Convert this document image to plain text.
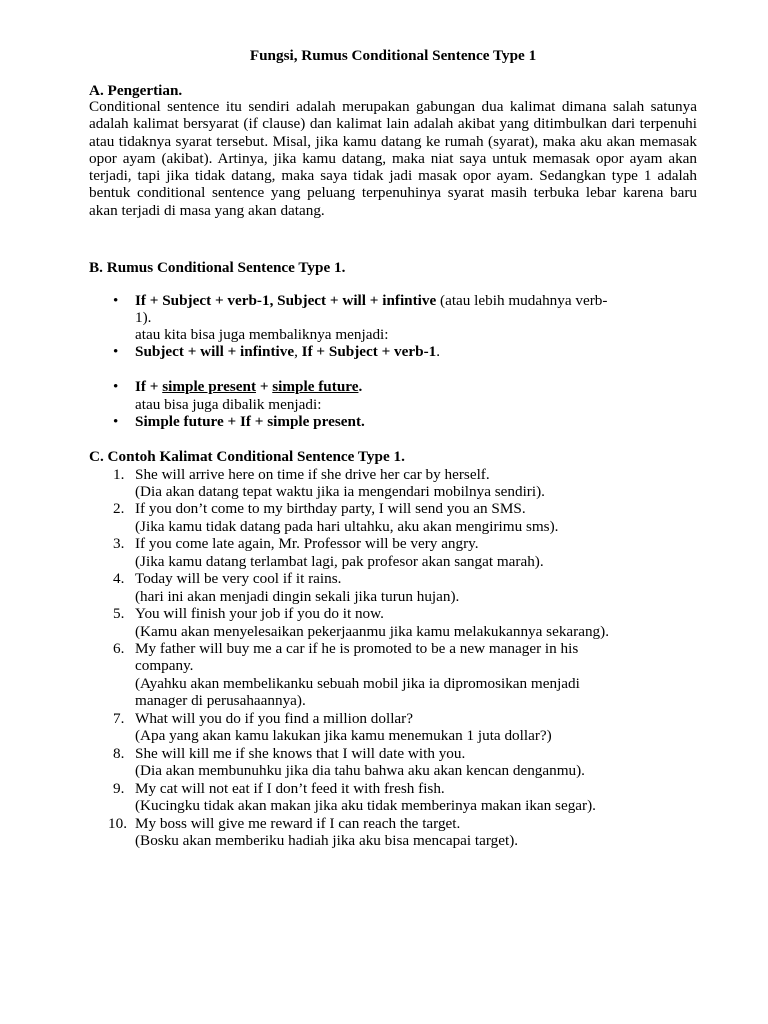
Fungsi, Rumus Conditional Sentence Type 1
A. Pengertian.
Conditional sentence itu sendiri adalah merupakan gabungan dua kalimat dimana salah satunya adalah kalimat bersyarat (if clause) dan kalimat lain adalah akibat yang ditimbulkan dari terpenuhi atau tidaknya syarat tersebut. Misal, jika kamu datang ke rumah (syarat), maka aku akan memasak opor ayam (akibat). Artinya, jika kamu datang, maka niat saya untuk memasak opor ayam akan terjadi, tapi jika tidak datang, maka saya tidak jadi masak opor ayam. Sedangkan type 1 adalah bentuk conditional sentence yang peluang terpenuhinya syarat masih terbuka lebar karena baru akan terjadi di masa yang akan datang.
B. Rumus Conditional Sentence Type 1.
• If + Subject + verb-1, Subject + will + infintive (atau lebih mudahnya verb-
1).
atau kita bisa juga membaliknya menjadi:
• Subject + will + infintive, If + Subject + verb-1.
• If + simple present + simple future.
atau bisa juga dibalik menjadi:
• Simple future + If + simple present.
C. Contoh Kalimat Conditional Sentence Type 1.
1. She will arrive here on time if she drive her car by herself.
(Dia akan datang tepat waktu jika ia mengendari mobilnya sendiri).
2. If you don’t come to my birthday party, I will send you an SMS.
(Jika kamu tidak datang pada hari ultahku, aku akan mengirimu sms).
3. If you come late again, Mr. Professor will be very angry.
(Jika kamu datang terlambat lagi, pak profesor akan sangat marah).
4. Today will be very cool if it rains.
(hari ini akan menjadi dingin sekali jika turun hujan).
5. You will finish your job if you do it now.
(Kamu akan menyelesaikan pekerjaanmu jika kamu melakukannya sekarang).
6. My father will buy me a car if he is promoted to be a new manager in his
company.
(Ayahku akan membelikanku sebuah mobil jika ia dipromosikan menjadi
manager di perusahaannya).
7. What will you do if you find a million dollar?
(Apa yang akan kamu lakukan jika kamu menemukan 1 juta dollar?)
8. She will kill me if she knows that I will date with you.
(Dia akan membunuhku jika dia tahu bahwa aku akan kencan denganmu).
9. My cat will not eat if I don’t feed it with fresh fish.
(Kucingku tidak akan makan jika aku tidak memberinya makan ikan segar).
10. My boss will give me reward if I can reach the target.
(Bosku akan memberiku hadiah jika aku bisa mencapai target).
